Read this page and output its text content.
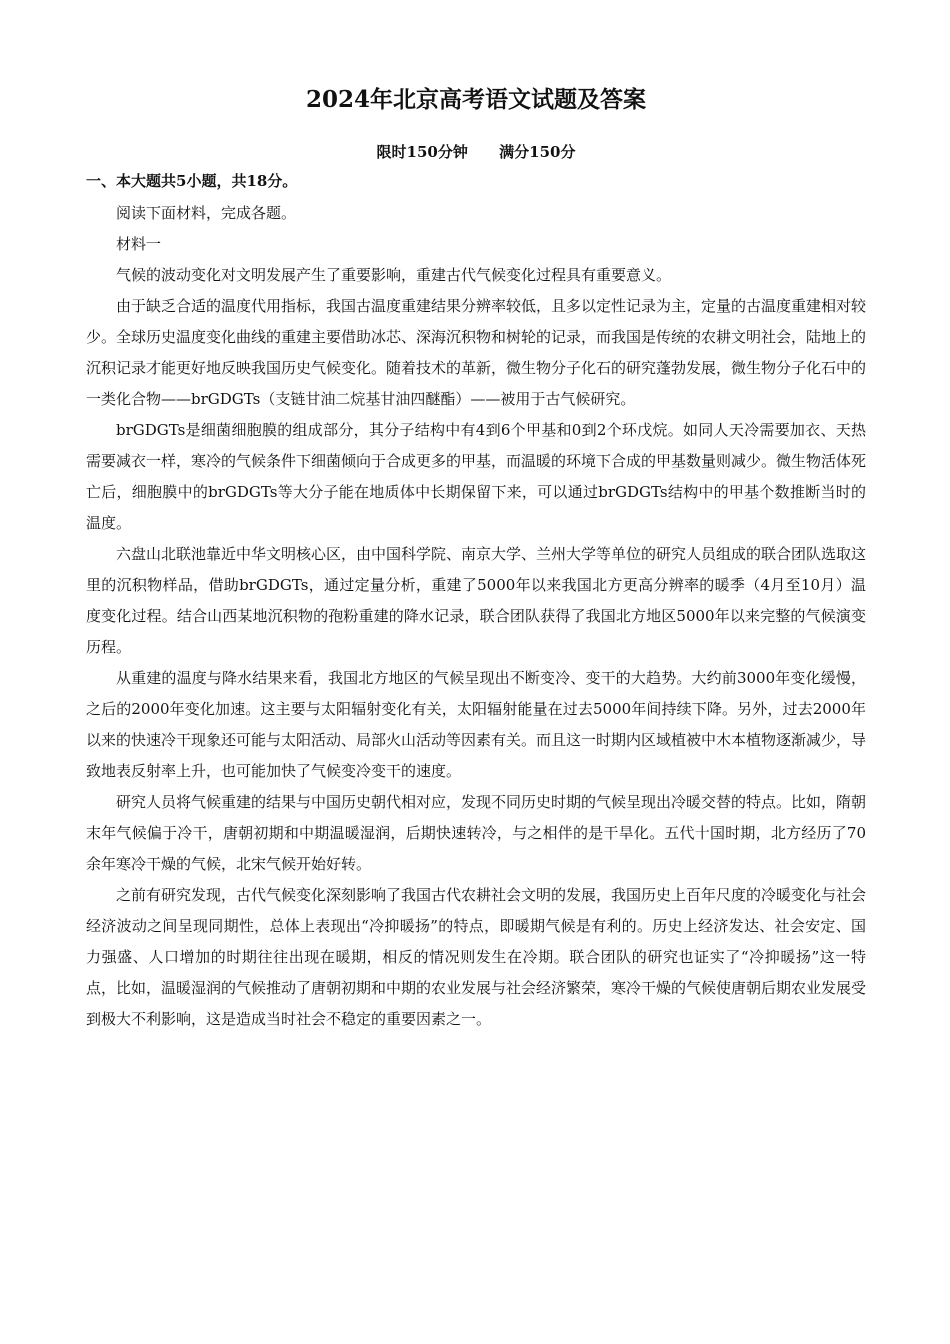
2024年北京高考语文试题及答案
限时150分钟      满分150分
一、本大题共5小题，共18分。

阅读下面材料，完成各题。

材料一

气候的波动变化对文明发展产生了重要影响，重建古代气候变化过程具有重要意义。

由于缺乏合适的温度代用指标，我国古温度重建结果分辨率较低，且多以定性记录为主，定量的古温度重建相对较少。全球历史温度变化曲线的重建主要借助冰芯、深海沉积物和树轮的记录，而我国是传统的农耕文明社会，陆地上的沉积记录才能更好地反映我国历史气候变化。随着技术的革新，微生物分子化石的研究蓬勃发展，微生物分子化石中的一类化合物——brGDGTs（支链甘油二烷基甘油四醚酯）——被用于古气候研究。

brGDGTs是细菌细胞膜的组成部分，其分子结构中有4到6个甲基和0到2个环戊烷。如同人天冷需要加衣、天热需要减衣一样，寒冷的气候条件下细菌倾向于合成更多的甲基，而温暖的环境下合成的甲基数量则减少。微生物活体死亡后，细胞膜中的brGDGTs等大分子能在地质体中长期保留下来，可以通过brGDGTs结构中的甲基个数推断当时的温度。

六盘山北联池靠近中华文明核心区，由中国科学院、南京大学、兰州大学等单位的研究人员组成的联合团队选取这里的沉积物样品，借助brGDGTs，通过定量分析，重建了5000年以来我国北方更高分辨率的暖季（4月至10月）温度变化过程。结合山西某地沉积物的孢粉重建的降水记录，联合团队获得了我国北方地区5000年以来完整的气候演变历程。

从重建的温度与降水结果来看，我国北方地区的气候呈现出不断变冷、变干的大趋势。大约前3000年变化缓慢，之后的2000年变化加速。这主要与太阳辐射变化有关，太阳辐射能量在过去5000年间持续下降。另外，过去2000年以来的快速冷干现象还可能与太阳活动、局部火山活动等因素有关。而且这一时期内区域植被中木本植物逐渐减少，导致地表反射率上升，也可能加快了气候变冷变干的速度。

研究人员将气候重建的结果与中国历史朝代相对应，发现不同历史时期的气候呈现出冷暖交替的特点。比如，隋朝末年气候偏于冷干，唐朝初期和中期温暖湿润，后期快速转冷，与之相伴的是干旱化。五代十国时期，北方经历了70余年寒冷干燥的气候，北宋气候开始好转。

之前有研究发现，古代气候变化深刻影响了我国古代农耕社会文明的发展，我国历史上百年尺度的冷暖变化与社会经济波动之间呈现同期性，总体上表现出“冷抑暖扬”的特点，即暖期气候是有利的。历史上经济发达、社会安定、国力强盛、人口增加的时期往往出现在暖期，相反的情况则发生在冷期。联合团队的研究也证实了“冷抑暖扬”这一特点，比如，温暖湿润的气候推动了唐朝初期和中期的农业发展与社会经济繁荣，寒冷干燥的气候使唐朝后期农业发展受到极大不利影响，这是造成当时社会不稳定的重要因素之一。
